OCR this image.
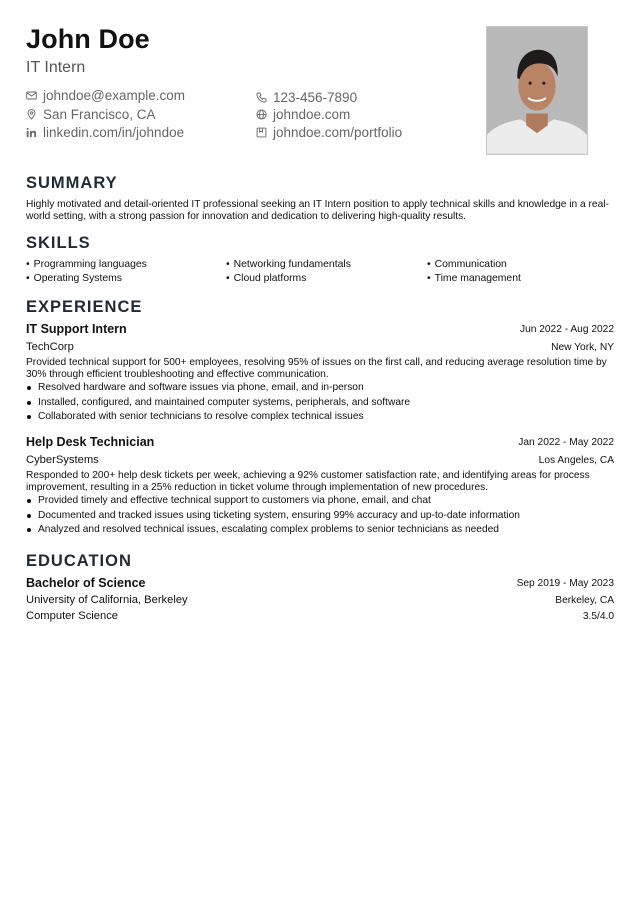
John Doe
IT Intern
johndoe@example.com
San Francisco, CA
linkedin.com/in/johndoe
123-456-7890
johndoe.com
johndoe.com/portfolio
SUMMARY
Highly motivated and detail-oriented IT professional seeking an IT Intern position to apply technical skills and knowledge in a real-world setting, with a strong passion for innovation and dedication to delivering high-quality results.
SKILLS
• Programming languages	• Networking fundamentals	• Communication
• Operating Systems	• Cloud platforms	• Time management
EXPERIENCE
IT Support Intern	Jun 2022 - Aug 2022
TechCorp	New York, NY
Provided technical support for 500+ employees, resolving 95% of issues on the first call, and reducing average resolution time by 30% through efficient troubleshooting and effective communication.
Resolved hardware and software issues via phone, email, and in-person
Installed, configured, and maintained computer systems, peripherals, and software
Collaborated with senior technicians to resolve complex technical issues
Help Desk Technician	Jan 2022 - May 2022
CyberSystems	Los Angeles, CA
Responded to 200+ help desk tickets per week, achieving a 92% customer satisfaction rate, and identifying areas for process improvement, resulting in a 25% reduction in ticket volume through implementation of new procedures.
Provided timely and effective technical support to customers via phone, email, and chat
Documented and tracked issues using ticketing system, ensuring 99% accuracy and up-to-date information
Analyzed and resolved technical issues, escalating complex problems to senior technicians as needed
EDUCATION
Bachelor of Science	Sep 2019 - May 2023
University of California, Berkeley	Berkeley, CA
Computer Science	3.5/4.0
